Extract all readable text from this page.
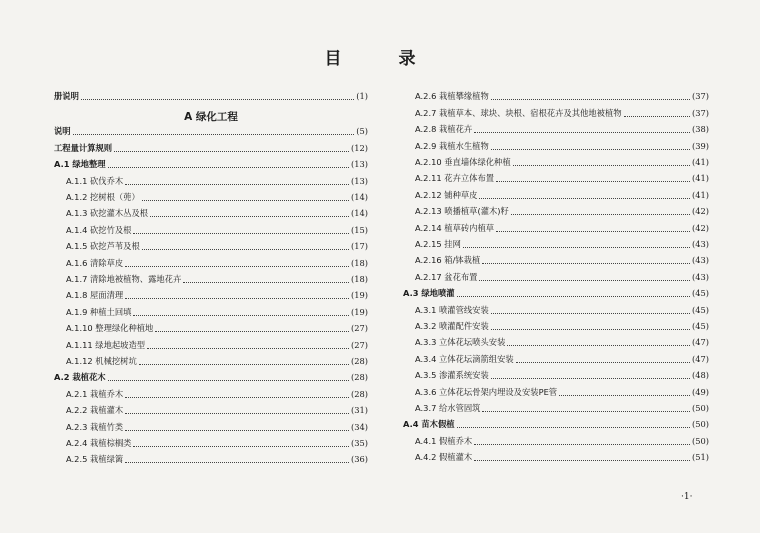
目　录
册说明	(1)
A 绿化工程
说明	(5)
工程量计算规则	(12)
A.1 绿地整理	(13)
A.1.1 砍伐乔木	(13)
A.1.2 挖树根（蔸）	(14)
A.1.3 砍挖灌木丛及根	(14)
A.1.4 砍挖竹及根	(15)
A.1.5 砍挖芦苇及根	(17)
A.1.6 清除草皮	(18)
A.1.7 清除地被植物、露地花卉	(18)
A.1.8 屋面清理	(19)
A.1.9 种植土回填	(19)
A.1.10 整理绿化种植地	(27)
A.1.11 绿地起坡造型	(27)
A.1.12 机械挖树坑	(28)
A.2 栽植花木	(28)
A.2.1 栽植乔木	(28)
A.2.2 栽植灌木	(31)
A.2.3 栽植竹类	(34)
A.2.4 栽植棕榈类	(35)
A.2.5 栽植绿篱	(36)
A.2.6 栽植攀缘植物	(37)
A.2.7 栽植草本、球块、块根、宿根花卉及其他地被植物	(37)
A.2.8 栽植花卉	(38)
A.2.9 栽植水生植物	(39)
A.2.10 垂直墙体绿化种植	(41)
A.2.11 花卉立体布置	(41)
A.2.12 铺种草皮	(41)
A.2.13 喷播植草(灌木)籽	(42)
A.2.14 植草砖内植草	(42)
A.2.15 挂网	(43)
A.2.16 箱/钵栽植	(43)
A.2.17 盆花布置	(43)
A.3 绿地喷灌	(45)
A.3.1 喷灌管线安装	(45)
A.3.2 喷灌配件安装	(45)
A.3.3 立体花坛喷头安装	(47)
A.3.4 立体花坛滴箭组安装	(47)
A.3.5 渗灌系统安装	(48)
A.3.6 立体花坛骨架内埋设及安装PE管	(49)
A.3.7 给水管固筑	(50)
A.4 苗木假植	(50)
A.4.1 假植乔木	(50)
A.4.2 假植灌木	(51)
·1·
